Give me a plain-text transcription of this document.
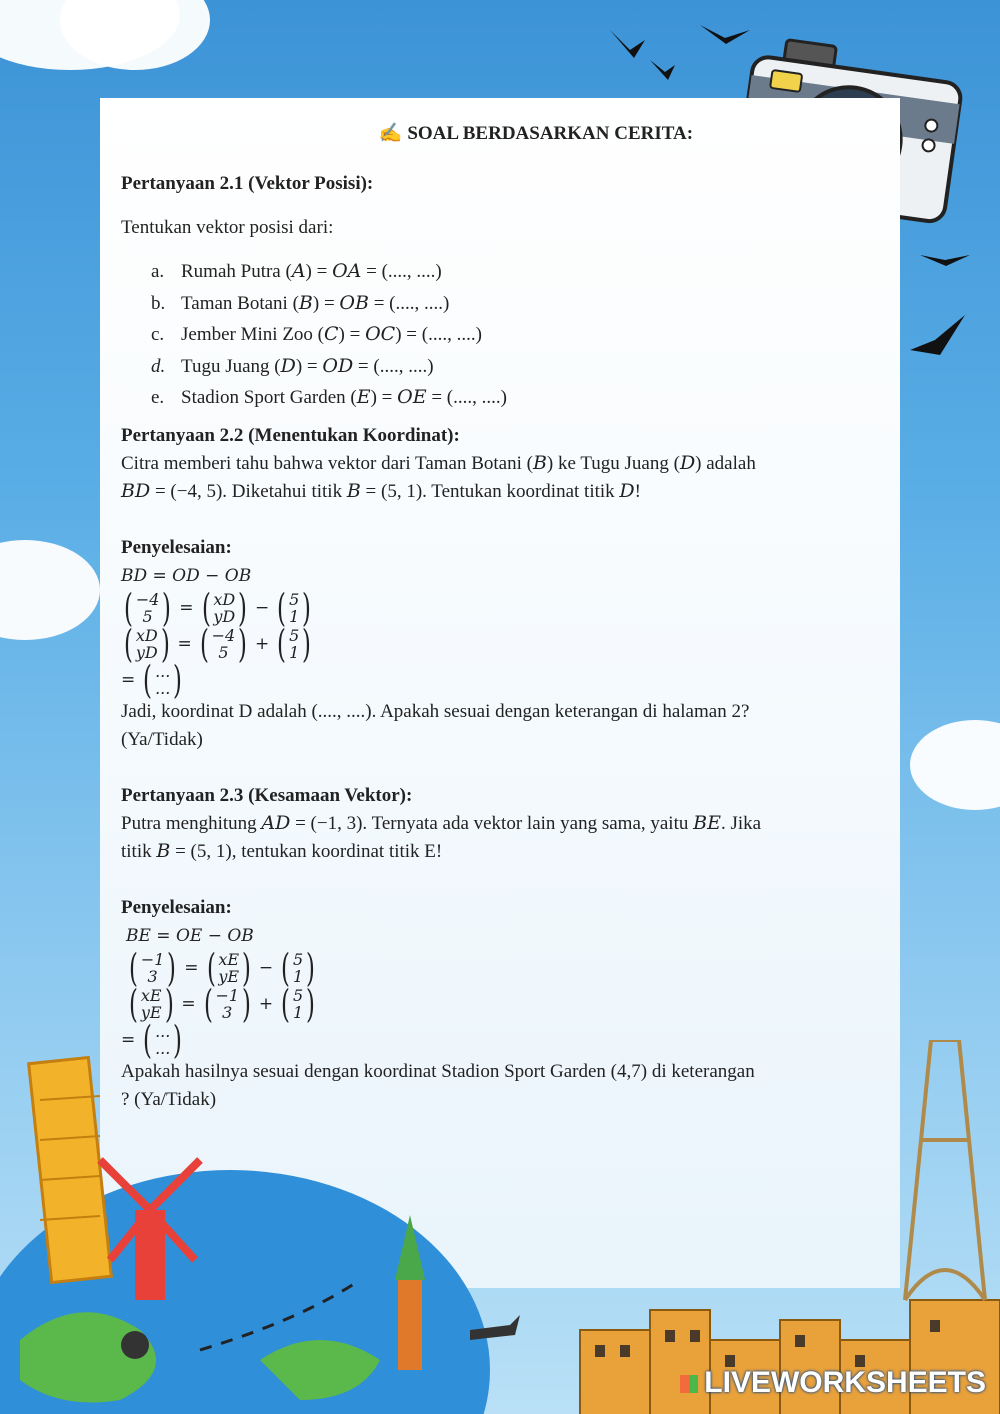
✍️ SOAL BERDASARKAN CERITA:
Pertanyaan 2.1 (Vektor Posisi):
Tentukan vektor posisi dari:
a. Rumah Putra (𝐴) = 𝑂𝐴 = (...., ....)
b. Taman Botani (𝐵) = 𝑂𝐵 = (...., ....)
c. Jember Mini Zoo (𝐶) = 𝑂𝐶) = (...., ....)
d. Tugu Juang (𝐷) = 𝑂𝐷 = (...., ....)
e. Stadion Sport Garden (𝐸) = 𝑂𝐸 = (...., ....)
Pertanyaan 2.2 (Menentukan Koordinat):
Citra memberi tahu bahwa vektor dari Taman Botani (𝐵) ke Tugu Juang (𝐷) adalah
𝐵𝐷 = (−4, 5). Diketahui titik 𝐵 = (5, 1). Tentukan koordinat titik 𝐷!
Penyelesaian:
𝐵𝐷 = 𝑂𝐷 − 𝑂𝐵
( −4
5 ) = ( xD
yD ) − ( 5
1 )
( xD
yD ) = ( −4
5 ) + ( 5
1 )
= ( ...
... )
Jadi, koordinat D adalah (...., ....). Apakah sesuai dengan keterangan di halaman 2?
(Ya/Tidak)
Pertanyaan 2.3 (Kesamaan Vektor):
Putra menghitung 𝐴𝐷 = (−1, 3). Ternyata ada vektor lain yang sama, yaitu 𝐵𝐸. Jika
titik 𝐵 = (5, 1), tentukan koordinat titik E!
Penyelesaian:
𝐵𝐸 = 𝑂𝐸 − 𝑂𝐵
( −1
3 ) = ( xE
yE ) − ( 5
1 )
( xE
yE ) = ( −1
3 ) + ( 5
1 )
= ( ...
... )
Apakah hasilnya sesuai dengan koordinat Stadion Sport Garden (4,7) di keterangan
? (Ya/Tidak)
LIVEWORKSHEETS
